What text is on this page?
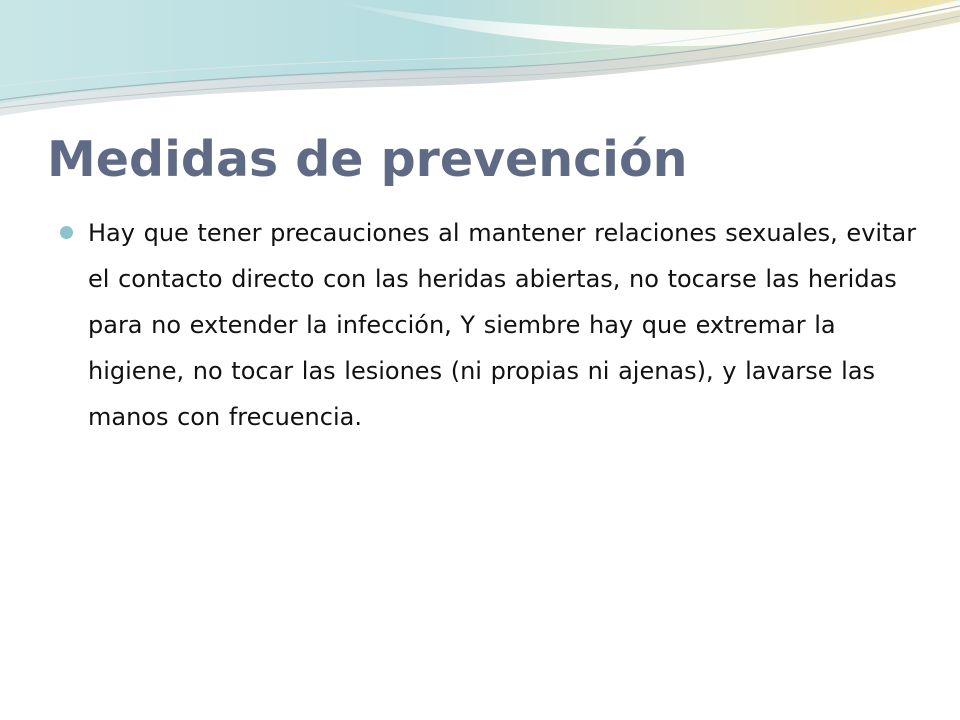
Medidas de prevención
Hay que tener precauciones al mantener relaciones sexuales, evitar el contacto directo con las heridas abiertas, no tocarse las heridas para no extender la infección, Y siembre hay que extremar la higiene, no tocar las lesiones (ni propias ni ajenas), y lavarse las manos con frecuencia.
